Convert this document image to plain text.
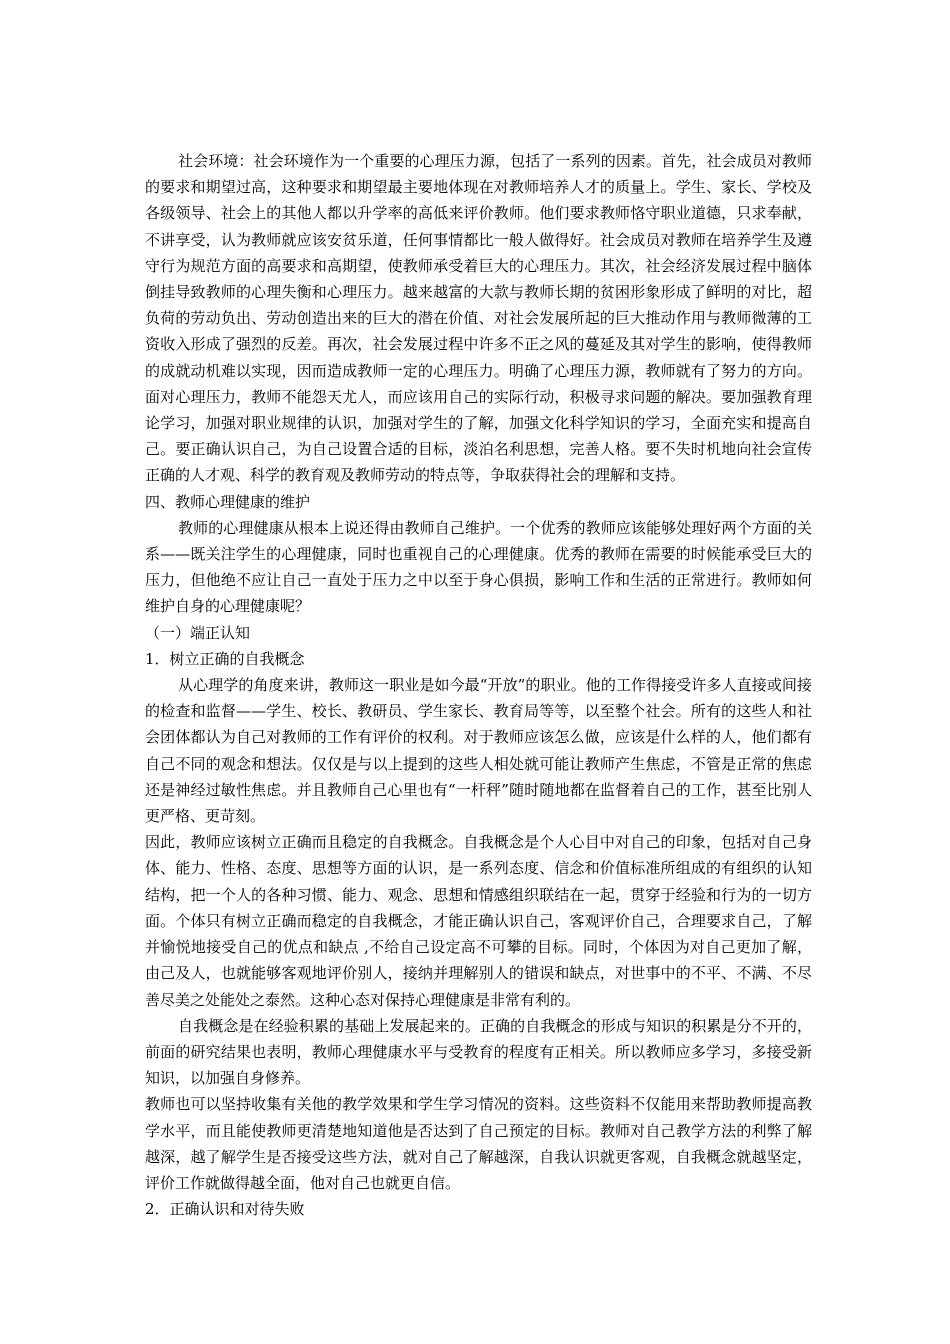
社会环境：社会环境作为一个重要的心理压力源，包括了一系列的因素。首先，社会成员对教师的要求和期望过高，这种要求和期望最主要地体现在对教师培养人才的质量上。学生、家长、学校及各级领导、社会上的其他人都以升学率的高低来评价教师。他们要求教师恪守职业道德，只求奉献，不讲享受，认为教师就应该安贫乐道，任何事情都比一般人做得好。社会成员对教师在培养学生及遵守行为规范方面的高要求和高期望，使教师承受着巨大的心理压力。其次，社会经济发展过程中脑体倒挂导致教师的心理失衡和心理压力。越来越富的大款与教师长期的贫困形象形成了鲜明的对比，超负荷的劳动负出、劳动创造出来的巨大的潜在价值、对社会发展所起的巨大推动作用与教师微薄的工资收入形成了强烈的反差。再次，社会发展过程中许多不正之风的蔓延及其对学生的影响，使得教师的成就动机难以实现，因而造成教师一定的心理压力。明确了心理压力源，教师就有了努力的方向。面对心理压力，教师不能怨天尤人，而应该用自己的实际行动，积极寻求问题的解决。要加强教育理论学习，加强对职业规律的认识，加强对学生的了解，加强文化科学知识的学习，全面充实和提高自己。要正确认识自己，为自己设置合适的目标，淡泊名利思想，完善人格。要不失时机地向社会宣传正确的人才观、科学的教育观及教师劳动的特点等，争取获得社会的理解和支持。

四、教师心理健康的维护

教师的心理健康从根本上说还得由教师自己维护。一个优秀的教师应该能够处理好两个方面的关系——既关注学生的心理健康，同时也重视自己的心理健康。优秀的教师在需要的时候能承受巨大的压力，但他绝不应让自己一直处于压力之中以至于身心俱损，影响工作和生活的正常进行。教师如何维护自身的心理健康呢？

（一）端正认知

1．树立正确的自我概念

从心理学的角度来讲，教师这一职业是如今最“开放”的职业。他的工作得接受许多人直接或间接的检查和监督——学生、校长、教研员、学生家长、教育局等等，以至整个社会。所有的这些人和社会团体都认为自己对教师的工作有评价的权利。对于教师应该怎么做，应该是什么样的人，他们都有自己不同的观念和想法。仅仅是与以上提到的这些人相处就可能让教师产生焦虑，不管是正常的焦虑还是神经过敏性焦虑。并且教师自己心里也有“一杆秤”随时随地都在监督着自己的工作，甚至比别人更严格、更苛刻。

因此，教师应该树立正确而且稳定的自我概念。自我概念是个人心目中对自己的印象，包括对自己身体、能力、性格、态度、思想等方面的认识，是一系列态度、信念和价值标准所组成的有组织的认知结构，把一个人的各种习惯、能力、观念、思想和情感组织联结在一起，贯穿于经验和行为的一切方面。个体只有树立正确而稳定的自我概念，才能正确认识自己，客观评价自己，合理要求自己，了解并愉悦地接受自己的优点和缺点 ,不给自己设定高不可攀的目标。同时，个体因为对自己更加了解，由己及人，也就能够客观地评价别人，接纳并理解别人的错误和缺点，对世事中的不平、不满、不尽善尽美之处能处之泰然。这种心态对保持心理健康是非常有利的。

自我概念是在经验积累的基础上发展起来的。正确的自我概念的形成与知识的积累是分不开的，前面的研究结果也表明，教师心理健康水平与受教育的程度有正相关。所以教师应多学习，多接受新知识，以加强自身修养。

教师也可以坚持收集有关他的教学效果和学生学习情况的资料。这些资料不仅能用来帮助教师提高教学水平，而且能使教师更清楚地知道他是否达到了自己预定的目标。教师对自己教学方法的利弊了解越深，越了解学生是否接受这些方法，就对自己了解越深，自我认识就更客观，自我概念就越坚定，评价工作就做得越全面，他对自己也就更自信。

2．正确认识和对待失败
